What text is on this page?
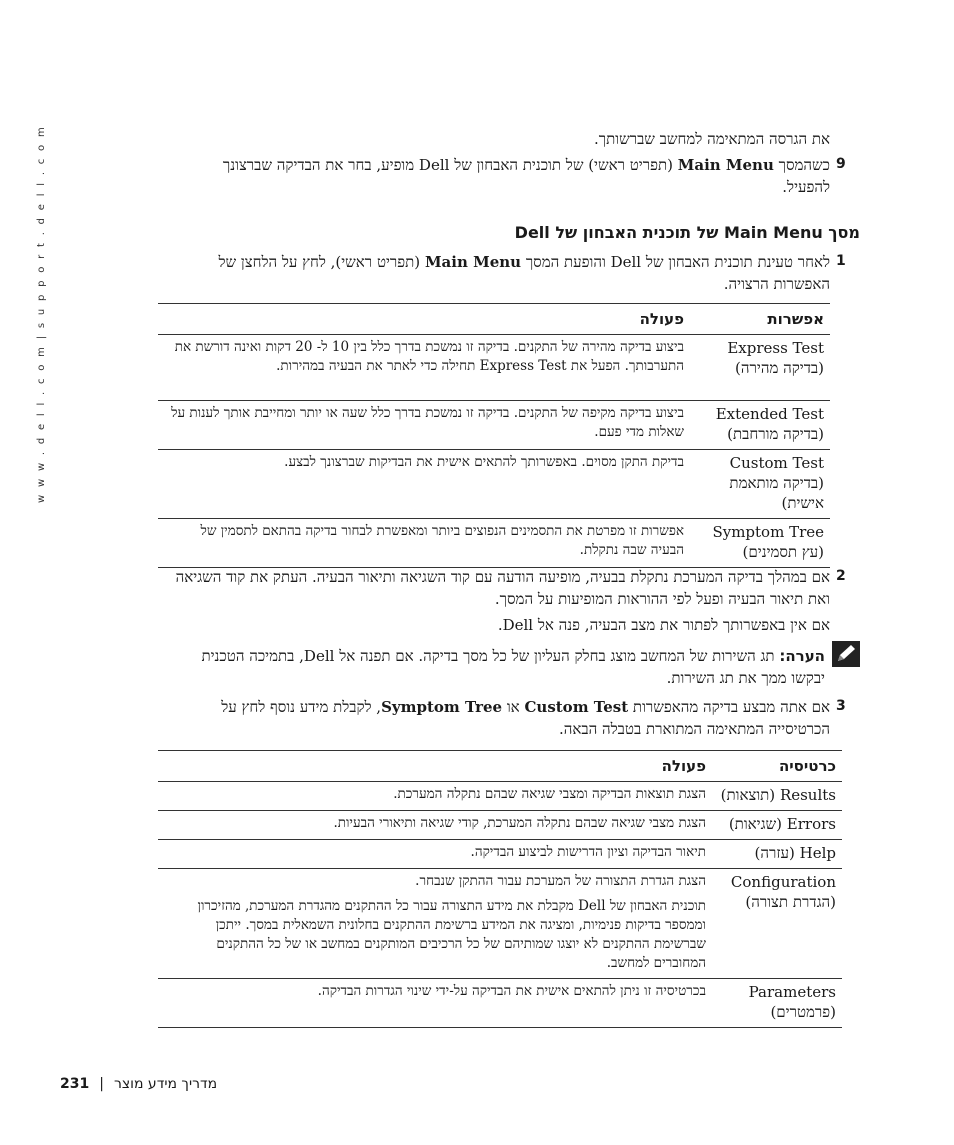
w w w . d e l l . c o m | s u p p o r t . d e l l . c o m	את הגרסה המתאימה למחשב שברשותך.
9
כשהמסך Main Menu (תפריט ראשי) של תוכנית האבחון של Dell מופיע, בחר את הבדיקה שברצונך להפעיל.
מסך Main Menu של תוכנית האבחון של Dell
1
לאחר טעינת תוכנית האבחון של Dell והופעת המסך Main Menu (תפריט ראשי), לחץ על הלחצן של האפשרות הרצויה.
אפשרות	פעולה
Express Test (בדיקה מהירה)	ביצוע בדיקה מהירה של התקנים. בדיקה זו נמשכת בדרך כלל בין 10 ל- 20 דקות ואינה דורשת את התערבותך. הפעל את Express Test תחילה כדי לאתר את הבעיה במהירות.
Extended Test (בדיקה מורחבת)	ביצוע בדיקה מקיפה של התקנים. בדיקה זו נמשכת בדרך כלל שעה או יותר ומחייבת אותך לענות על שאלות מדי פעם.
Custom Test (בדיקה מותאמת אישית)	בדיקת התקן מסוים. באפשרותך להתאים אישית את הבדיקות שברצונך לבצע.
Symptom Tree (עץ תסמינים)	אפשרות זו מפרטת את התסמינים הנפוצים ביותר ומאפשרת לבחור בדיקה בהתאם לתסמין של הבעיה שבה נתקלת.
2
אם במהלך בדיקה המערכת נתקלת בבעיה, מופיעה הודעה עם קוד השגיאה ותיאור הבעיה. העתק את קוד השגיאה ואת תיאור הבעיה ופעל לפי ההוראות המופיעות על המסך.
אם אין באפשרותך לפתור את מצב הבעיה, פנה אל Dell.
הערה: תג השירות של המחשב מוצג בחלק העליון של כל מסך בדיקה. אם תפנה אל Dell, בתמיכה הטכנית יבקשו ממך את תג השירות.
3
אם אתה מבצע בדיקה מהאפשרות Custom Test או Symptom Tree, לקבלת מידע נוסף לחץ על הכרטיסייה המתאימה המתוארת בטבלה הבאה.
כרטיסיה	פעולה
Results (תוצאות)	הצגת תוצאות הבדיקה ומצבי שגיאה שבהם נתקלה המערכת.
Errors (שגיאות)	הצגת מצבי שגיאה שבהם נתקלה המערכת, קודי שגיאה ותיאורי הבעיות.
Help (עזרה)	תיאור הבדיקה וציון הדרישות לביצוע הבדיקה.
Configuration (הגדרת תצורה)	הצגת הגדרת התצורה של המערכת עבור ההתקן שנבחר.
תוכנית האבחון של Dell מקבלת את מידע התצורה עבור כל ההתקנים מהגדרת המערכת, מהזיכרון וממספר בדיקות פנימיות, ומציגה את המידע ברשימת ההתקנים בחלונית השמאלית במסך. ייתכן שברשימת ההתקנים לא יוצגו שמותיהם של כל הרכיבים המותקנים במחשב או של כל ההתקנים המחוברים למחשב.

Parameters (פרמטרים)	בכרטיסיה זו ניתן להתאים אישית את הבדיקה על-ידי שינוי הגדרות הבדיקה.
231 | מדריך מידע מוצר
